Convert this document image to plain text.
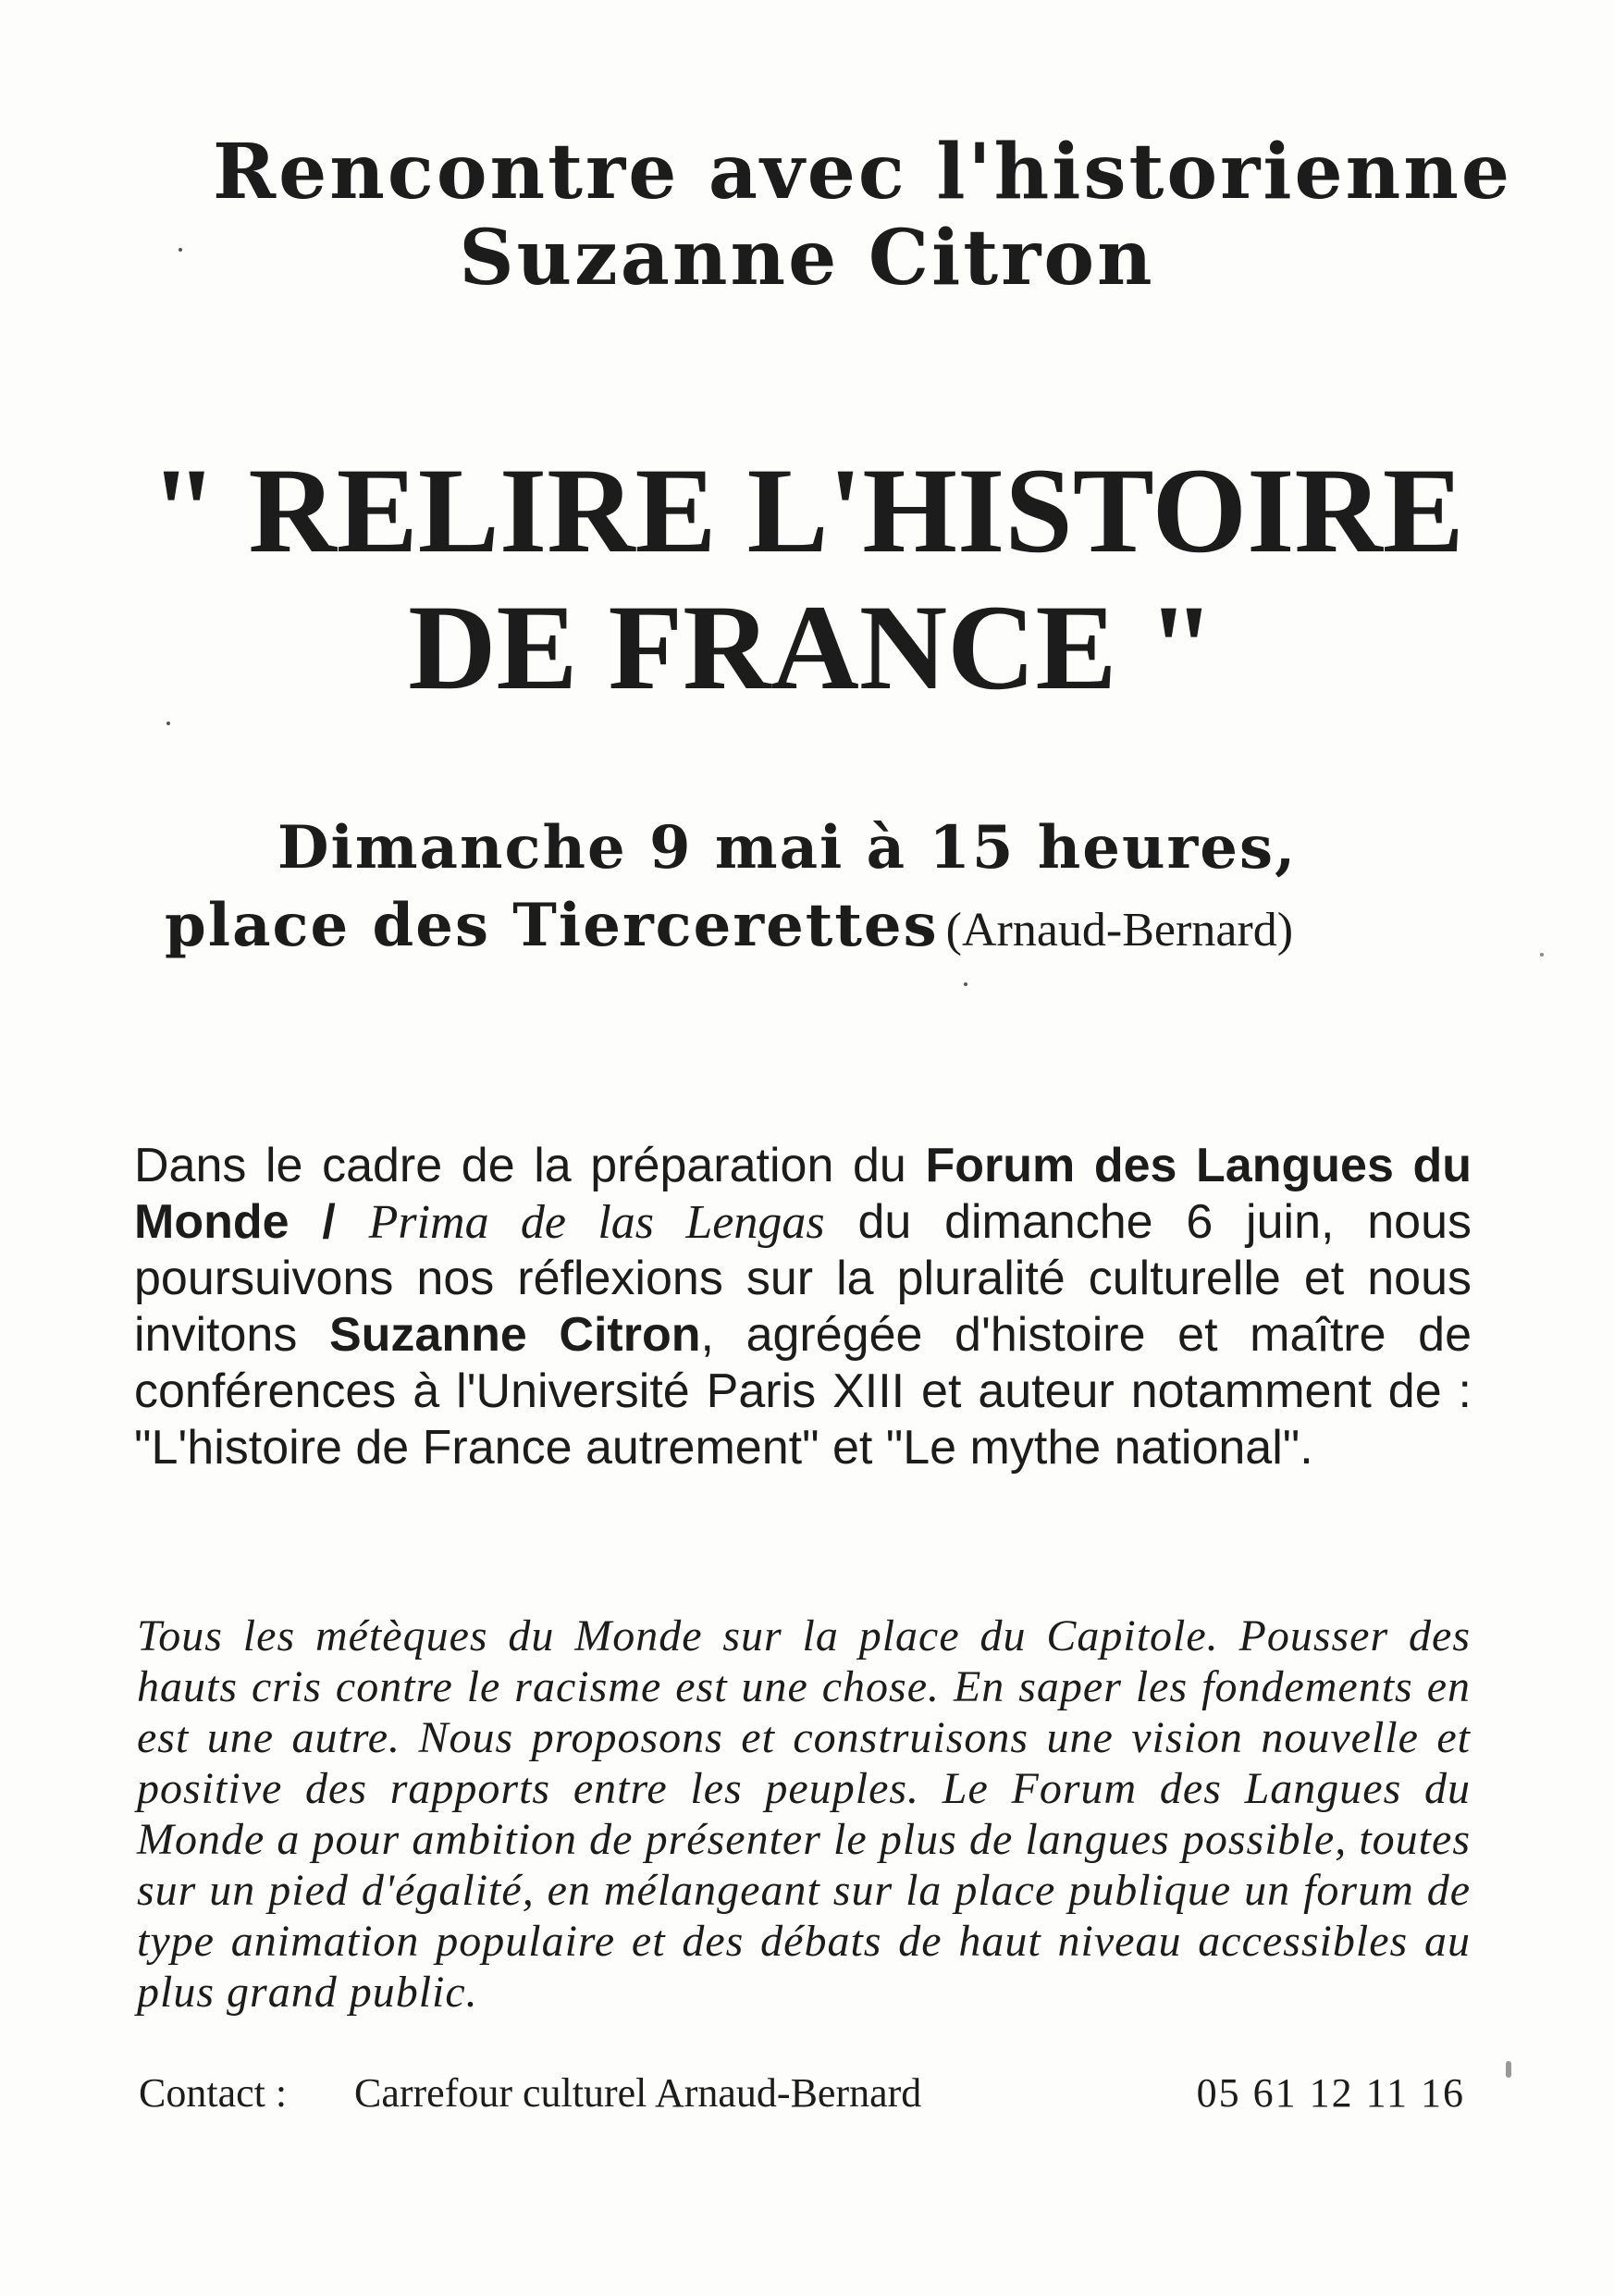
Rencontre avec l'historienne
Suzanne Citron
" RELIRE L'HISTOIRE
DE FRANCE "
Dimanche 9 mai à 15 heures,
place des Tiercerettes (Arnaud-Bernard)

Dans le cadre de la préparation du Forum des Langues du Monde / Prima de las Lengas du dimanche 6 juin, nous poursuivons nos réflexions sur la pluralité culturelle et nous invitons Suzanne Citron, agrégée d'histoire et maître de conférences à l'Université Paris XIII et auteur notamment de : "L'histoire de France autrement" et "Le mythe national".

Tous les métèques du Monde sur la place du Capitole. Pousser des hauts cris contre le racisme est une chose. En saper les fondements en est une autre. Nous proposons et construisons une vision nouvelle et positive des rapports entre les peuples. Le Forum des Langues du Monde a pour ambition de présenter le plus de langues possible, toutes sur un pied d'égalité, en mélangeant sur la place publique un forum de type animation populaire et des débats de haut niveau accessibles au plus grand public.

Contact : Carrefour culturel Arnaud-Bernard	05 61 12 11 16
